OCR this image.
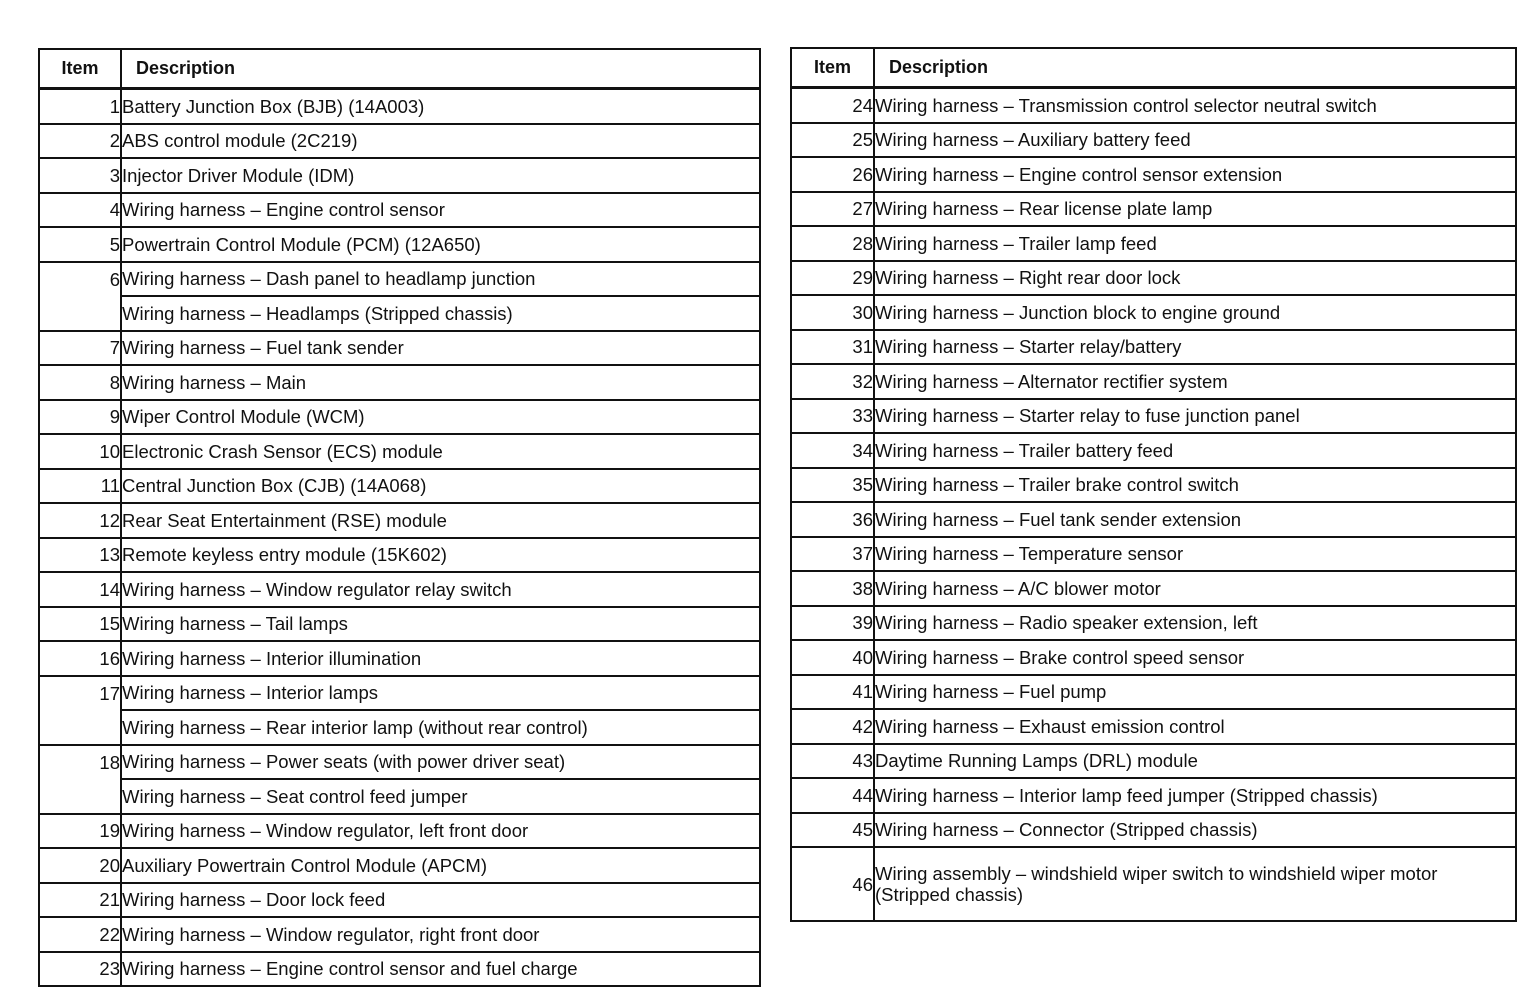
Item	Description
1	Battery Junction Box (BJB) (14A003)
2	ABS control module (2C219)
3	Injector Driver Module (IDM)
4	Wiring harness – Engine control sensor
5	Powertrain Control Module (PCM) (12A650)
6	Wiring harness – Dash panel to headlamp junction
	Wiring harness – Headlamps (Stripped chassis)
7	Wiring harness – Fuel tank sender
8	Wiring harness – Main
9	Wiper Control Module (WCM)
10	Electronic Crash Sensor (ECS) module
11	Central Junction Box (CJB) (14A068)
12	Rear Seat Entertainment (RSE) module
13	Remote keyless entry module (15K602)
14	Wiring harness – Window regulator relay switch
15	Wiring harness – Tail lamps
16	Wiring harness – Interior illumination
17	Wiring harness – Interior lamps
	Wiring harness – Rear interior lamp (without rear control)
18	Wiring harness – Power seats (with power driver seat)
	Wiring harness – Seat control feed jumper
19	Wiring harness – Window regulator, left front door
20	Auxiliary Powertrain Control Module (APCM)
21	Wiring harness – Door lock feed
22	Wiring harness – Window regulator, right front door
23	Wiring harness – Engine control sensor and fuel charge
Item	Description
24	Wiring harness – Transmission control selector neutral switch
25	Wiring harness – Auxiliary battery feed
26	Wiring harness – Engine control sensor extension
27	Wiring harness – Rear license plate lamp
28	Wiring harness – Trailer lamp feed
29	Wiring harness – Right rear door lock
30	Wiring harness – Junction block to engine ground
31	Wiring harness – Starter relay/battery
32	Wiring harness – Alternator rectifier system
33	Wiring harness – Starter relay to fuse junction panel
34	Wiring harness – Trailer battery feed
35	Wiring harness – Trailer brake control switch
36	Wiring harness – Fuel tank sender extension
37	Wiring harness – Temperature sensor
38	Wiring harness – A/C blower motor
39	Wiring harness – Radio speaker extension, left
40	Wiring harness – Brake control speed sensor
41	Wiring harness – Fuel pump
42	Wiring harness – Exhaust emission control
43	Daytime Running Lamps (DRL) module
44	Wiring harness – Interior lamp feed jumper (Stripped chassis)
45	Wiring harness – Connector (Stripped chassis)
46	Wiring assembly – windshield wiper switch to windshield wiper motor (Stripped chassis)
